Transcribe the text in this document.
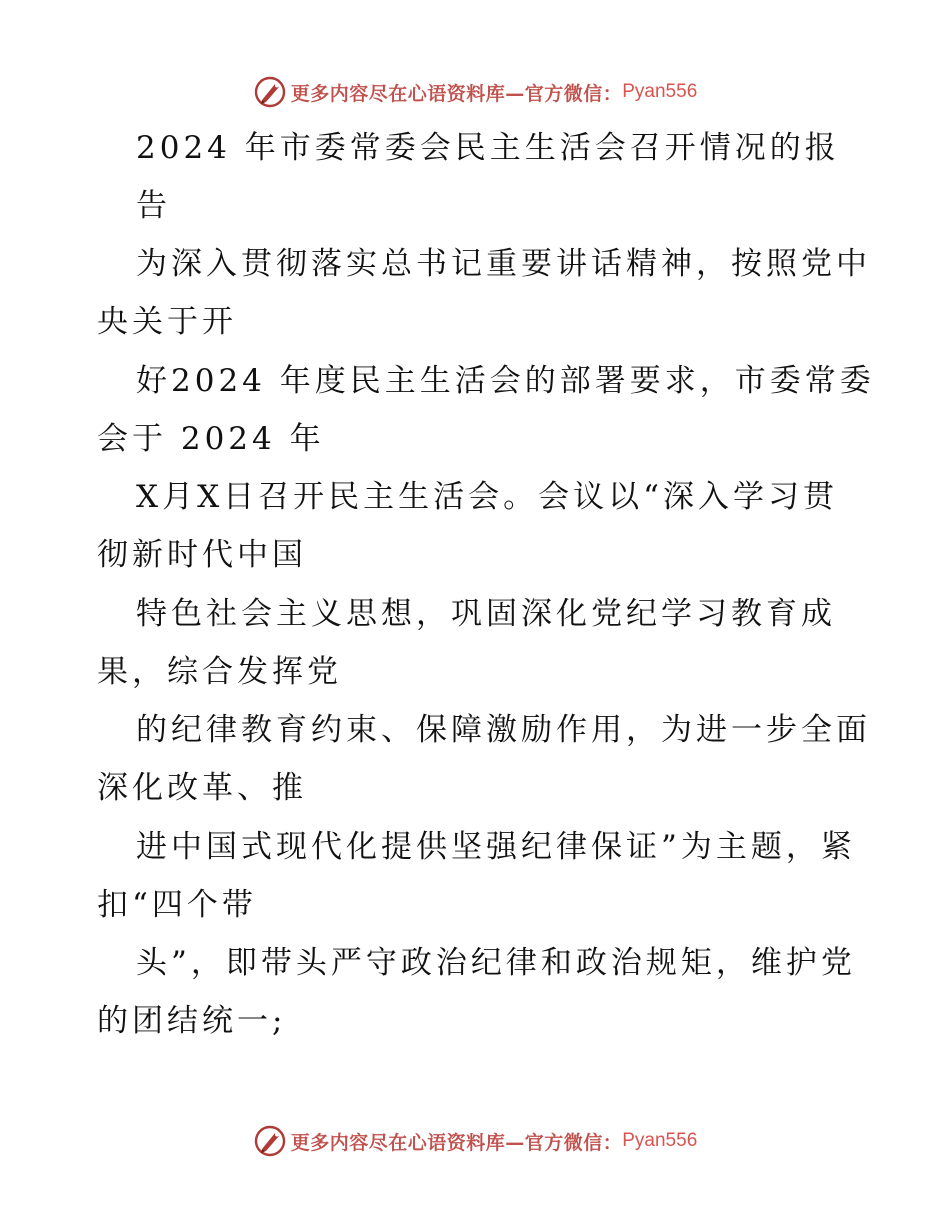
更多内容尽在心语资料库—官方微信： Pyan556
2024 年市委常委会民主生活会召开情况的报
告
为深入贯彻落实总书记重要讲话精神，按照党中
央关于开
好2024 年度民主生活会的部署要求，市委常委
会于 2024 年
X月X日召开民主生活会。会议以“深入学习贯
彻新时代中国
特色社会主义思想，巩固深化党纪学习教育成
果，综合发挥党
的纪律教育约束、保障激励作用，为进一步全面
深化改革、推
进中国式现代化提供坚强纪律保证”为主题，紧
扣“四个带
头”，即带头严守政治纪律和政治规矩，维护党
的团结统一;
更多内容尽在心语资料库—官方微信： Pyan556
